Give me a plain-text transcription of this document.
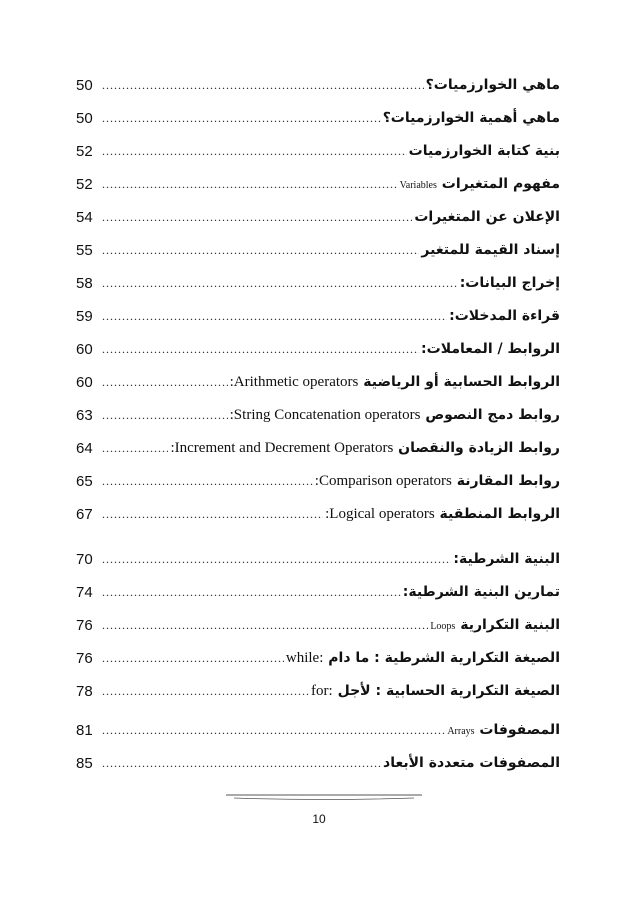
50 .....	ماهي الخوارزميات؟
50 .....	ماهي أهمية الخوارزميات؟
52 .....	بنية كتابة الخوارزميات
52 .....	مفهوم المتغيرات Variables
54 .....	الإعلان عن المتغيرات
55 .....	إسناد القيمة للمتغير
58 .....	إخراج البيانات:
59 .....	قراءة المدخلات:
60 .....	الروابط / المعاملات:
60 .....	الروابط الحسابية أو الرياضية :Arithmetic operators
63 .....	روابط دمج النصوص :String Concatenation operators
64 .....	روابط الزيادة والنقصان :Increment and Decrement Operators
65 .....	روابط المقارنة :Comparison operators
67 .....	الروابط المنطقية :Logical operators
70 .....	البنية الشرطية:
74 .....	تمارين البنية الشرطية:
76 .....	البنية التكرارية Loops
76 .....	الصيغة التكرارية الشرطية : ما دام while:
78 .....	الصيغة التكرارية الحسابية : لأجل for:
81 .....	المصفوفات Arrays
85 .....	المصفوفات متعددة الأبعاد
10
